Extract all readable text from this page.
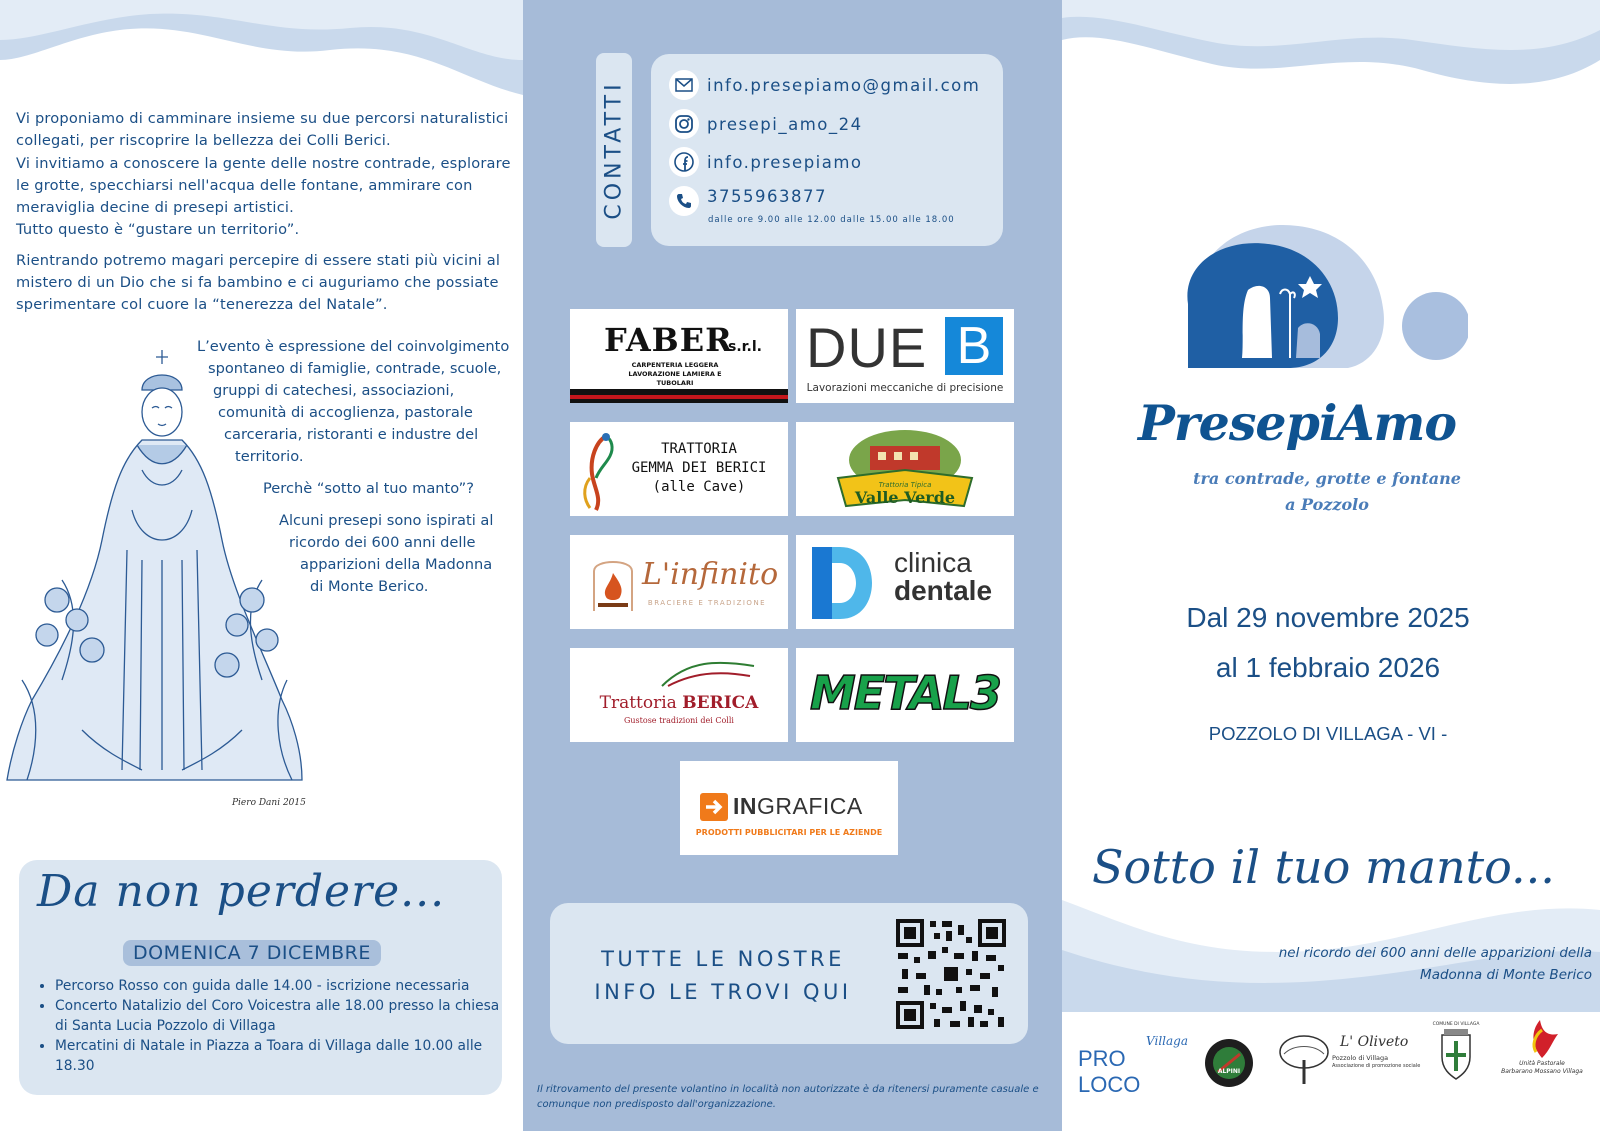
Vi proponiamo di camminare insieme su due percorsi naturalistici collegati, per riscoprire la bellezza dei Colli Berici.
Vi invitiamo a conoscere la gente delle nostre contrade, esplorare le grotte, specchiarsi nell'acqua delle fontane, ammirare con meraviglia decine di presepi artistici.

Tutto questo è “gustare un territorio”.

Rientrando potremo magari percepire di essere stati più vicini al mistero di un Dio che si fa bambino e ci auguriamo che possiate sperimentare col cuore la “tenerezza del Natale”.

L’evento è espressione del coinvolgimento
spontaneo di famiglie, contrade, scuole,
gruppi di catechesi, associazioni,
comunità di accoglienza, pastorale
carceraria, ristoranti e industre del
territorio.
Perchè “sotto al tuo manto”?
Alcuni presepi sono ispirati al
ricordo dei 600 anni delle
apparizioni della Madonna
di Monte Berico.
Piero Dani 2015
Da non perdere...
DOMENICA 7 DICEMBRE
• Percorso Rosso con guida dalle 14.00 - iscrizione necessaria
• Concerto Natalizio del Coro Voicestra alle 18.00 presso la chiesa di Santa Lucia Pozzolo di Villaga
• Mercatini di Natale in Piazza a Toara di Villaga dalle 10.00 alle 18.30
CONTATTI	info.presepiamo@gmail.com
presepi_amo_24
info.presepiamo
3755963877
dalle ore 9.00 alle 12.00 dalle 15.00 alle 18.00
FABER
s.r.l.
CARPENTERIA LEGGERA
LAVORAZIONE LAMIERA E TUBOLARI
DUE B
Lavorazioni meccaniche di precisione
TRATTORIA
GEMMA DEI BERICI
(alle Cave)	Trattoria Tipica
Valle Verde
L'infinito
BRACIERE E TRADIZIONE
clinica
dentale
Trattoria BERICA
Gustose tradizioni dei Colli
METAL3
INGRAFICA
PRODOTTI PUBBLICITARI PER LE AZIENDE
TUTTE LE NOSTRE
INFO LE TROVI QUI
Il ritrovamento del presente volantino in località non autorizzate è da ritenersi puramente casuale e comunque non predisposto dall'organizzazione.
PresepiAmo
tra contrade, grotte e fontane
a Pozzolo
Dal 29 novembre 2025
al 1 febbraio 2026
POZZOLO DI VILLAGA - VI -
Sotto il tuo manto...
nel ricordo dei 600 anni delle apparizioni della
Madonna di Monte Berico
Villaga
PRO LOCO
ALPINI
L' Oliveto
Pozzolo di Villaga
Associazione di promozione sociale
COMUNE DI VILLAGA
Unità Pastorale
Barbarano Mossano Villaga
